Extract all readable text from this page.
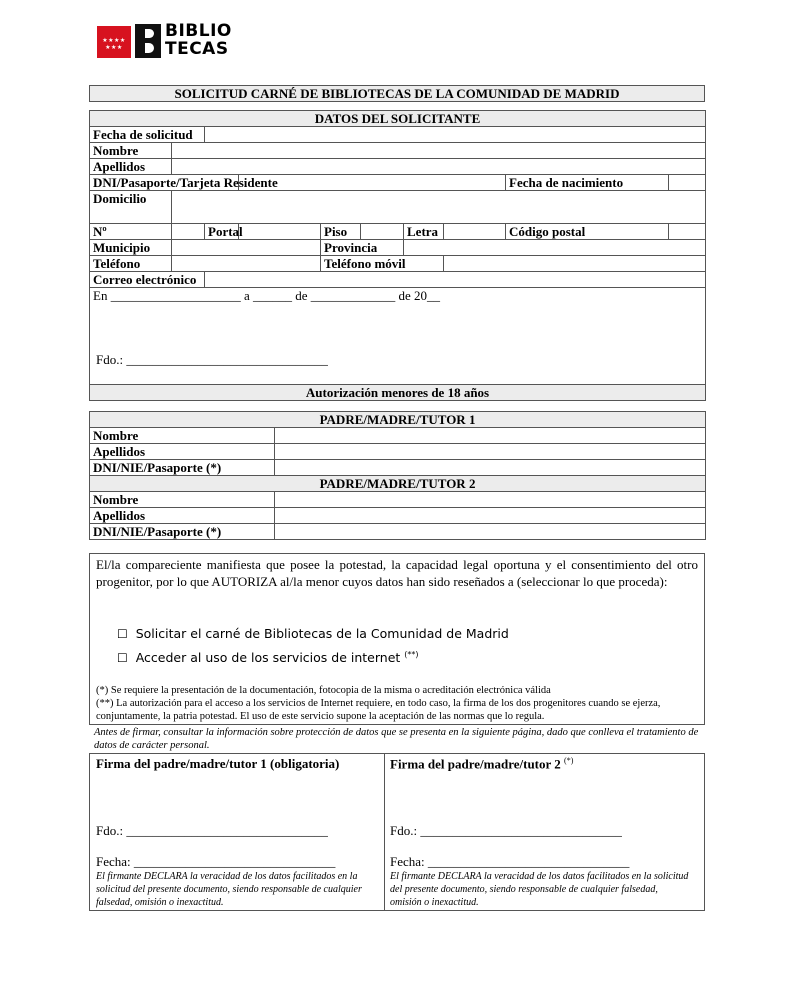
★★★★ ★★★
BIBLIO
TECAS
SOLICITUD CARNÉ DE BIBLIOTECAS DE LA COMUNIDAD DE MADRID
DATOS DEL SOLICITANTE									
Fecha de solicitud									
Nombre									
Apellidos									
DNI/Pasaporte/Tarjeta Residente								Fecha de nacimiento	
Domicilio									
Nº		Portal		Piso		Letra		Código postal	
Municipio				Provincia					
Teléfono				Teléfono móvil					
Correo electrónico									

En ____________________ a ______ de _____________ de 20__
Fdo.: _______________________________									

Autorización menores de 18 años									
PADRE/MADRE/TUTOR 1	
Nombre	
Apellidos	
DNI/NIE/Pasaporte (*)	
PADRE/MADRE/TUTOR 2	
Nombre	
Apellidos	
DNI/NIE/Pasaporte (*)	
El/la compareciente manifiesta que posee la potestad, la capacidad legal oportuna y el consentimiento del otro progenitor, por lo que AUTORIZA al/la menor cuyos datos han sido reseñados a (seleccionar lo que proceda):
☐ Solicitar el carné de Bibliotecas de la Comunidad de Madrid
☐ Acceder al uso de los servicios de internet (**)
(*) Se requiere la presentación de la documentación, fotocopia de la misma o acreditación electrónica válida
(**) La autorización para el acceso a los servicios de Internet requiere, en todo caso, la firma de los dos progenitores cuando se ejerza, conjuntamente, la patria potestad. El uso de este servicio supone la aceptación de las normas que lo regula.
Antes de firmar, consultar la información sobre protección de datos que se presenta en la siguiente página, dado que conlleva el tratamiento de datos de carácter personal.
Firma del padre/madre/tutor 1 (obligatoria)
Fdo.: _______________________________
Fecha: _______________________________
El firmante DECLARA la veracidad de los datos facilitados en la solicitud del presente documento, siendo responsable de cualquier falsedad, omisión o inexactitud.
Firma del padre/madre/tutor 2 (*)
Fdo.: _______________________________
Fecha: _______________________________
El firmante DECLARA la veracidad de los datos facilitados en la solicitud del presente documento, siendo responsable de cualquier falsedad, omisión o inexactitud.
